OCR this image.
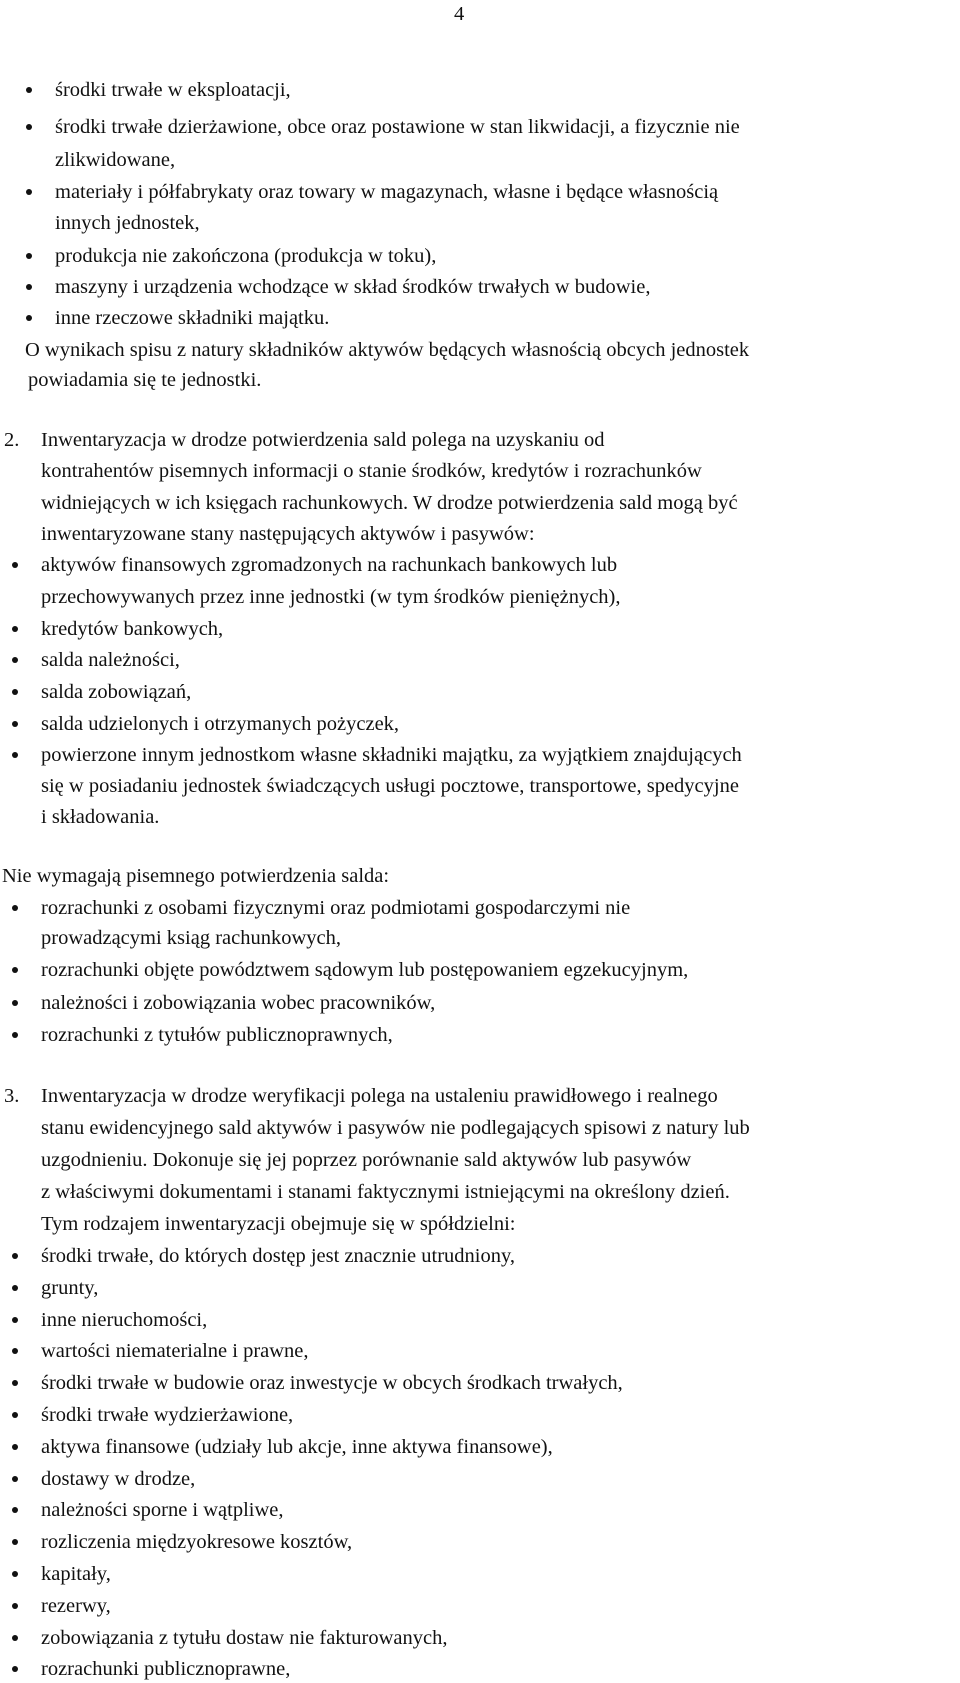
4
środki trwałe w eksploatacji,
środki trwałe dzierżawione, obce oraz postawione w stan likwidacji, a fizycznie nie
zlikwidowane,
materiały i półfabrykaty oraz towary w magazynach, własne i będące własnością
innych jednostek,
produkcja nie zakończona (produkcja w toku),
maszyny i urządzenia wchodzące w skład środków trwałych w budowie,
inne rzeczowe składniki majątku.
O wynikach spisu z natury składników aktywów będących własnością obcych jednostek
powiadamia się te jednostki.
2. Inwentaryzacja w drodze potwierdzenia sald polega na uzyskaniu od
kontrahentów pisemnych informacji o stanie środków, kredytów i rozrachunków
widniejących w ich księgach rachunkowych. W drodze potwierdzenia sald mogą być
inwentaryzowane stany następujących aktywów i pasywów:
aktywów finansowych zgromadzonych na rachunkach bankowych lub
przechowywanych przez inne jednostki (w tym środków pieniężnych),
kredytów bankowych,
salda należności,
salda zobowiązań,
salda udzielonych i otrzymanych pożyczek,
powierzone innym jednostkom własne składniki majątku, za wyjątkiem znajdujących
się w posiadaniu jednostek świadczących usługi pocztowe, transportowe, spedycyjne
i składowania.
Nie wymagają pisemnego potwierdzenia salda:
rozrachunki z osobami fizycznymi oraz podmiotami gospodarczymi nie
prowadzącymi ksiąg rachunkowych,
rozrachunki objęte powództwem sądowym lub postępowaniem egzekucyjnym,
należności i zobowiązania wobec pracowników,
rozrachunki z tytułów publicznoprawnych,
3. Inwentaryzacja w drodze weryfikacji polega na ustaleniu prawidłowego i realnego
stanu ewidencyjnego sald aktywów i pasywów nie podlegających spisowi z natury lub
uzgodnieniu. Dokonuje się jej poprzez porównanie sald aktywów lub pasywów
z właściwymi dokumentami i stanami faktycznymi istniejącymi na określony dzień.
Tym rodzajem inwentaryzacji obejmuje się w spółdzielni:
środki trwałe, do których dostęp jest znacznie utrudniony,
grunty,
inne nieruchomości,
wartości niematerialne i prawne,
środki trwałe w budowie oraz inwestycje w obcych środkach trwałych,
środki trwałe wydzierżawione,
aktywa finansowe (udziały lub akcje, inne aktywa finansowe),
dostawy w drodze,
należności sporne i wątpliwe,
rozliczenia międzyokresowe kosztów,
kapitały,
rezerwy,
zobowiązania z tytułu dostaw nie fakturowanych,
rozrachunki publicznoprawne,
